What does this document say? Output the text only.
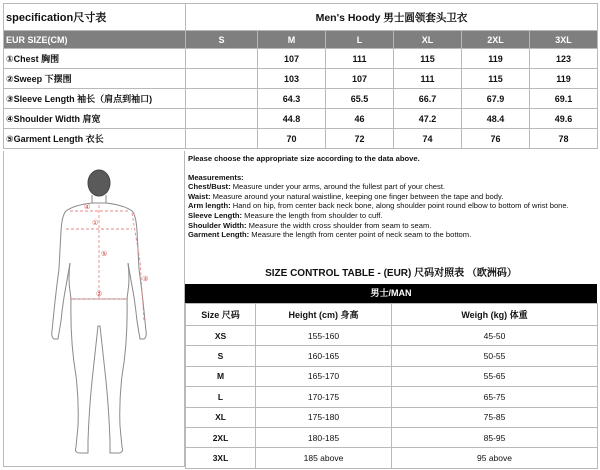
specification尺寸表	Men's Hoody 男士圆领套头卫衣					
EUR SIZE(CM)	S	M	L	XL	2XL	3XL
①Chest 胸围		107	111	115	119	123
②Sweep 下摆围		103	107	111	115	119
③Sleeve Length 袖长（肩点到袖口)		64.3	65.5	66.7	67.9	69.1
④Shoulder Width 肩宽		44.8	46	47.2	48.4	49.6
⑤Garment Length 衣长		70	72	74	76	78
①
②
③
④
⑤

Please choose the appropriate size according to the data above.

Measurements:

Chest/Bust: Measure under your arms, around the fullest part of your chest.

Waist: Measure around your natural waistline, keeping one finger between the tape and body.

Arm length: Hand on hip, from center back neck bone, along shoulder point round elbow to bottom of wrist bone.

Sleeve Length: Measure the length from shoulder to cuff.

Shoulder Width: Measure the width cross shoulder from seam to seam.

Garment Length: Measure the length from center point of neck seam to the bottom.

SIZE CONTROL TABLE - (EUR) 尺码对照表 （欧洲码）
男士/MAN
Size 尺码	Height (cm) 身高	Weigh (kg) 体重
XS	155-160	45-50
S	160-165	50-55
M	165-170	55-65
L	170-175	65-75
XL	175-180	75-85
2XL	180-185	85-95
3XL	185 above	95 above
